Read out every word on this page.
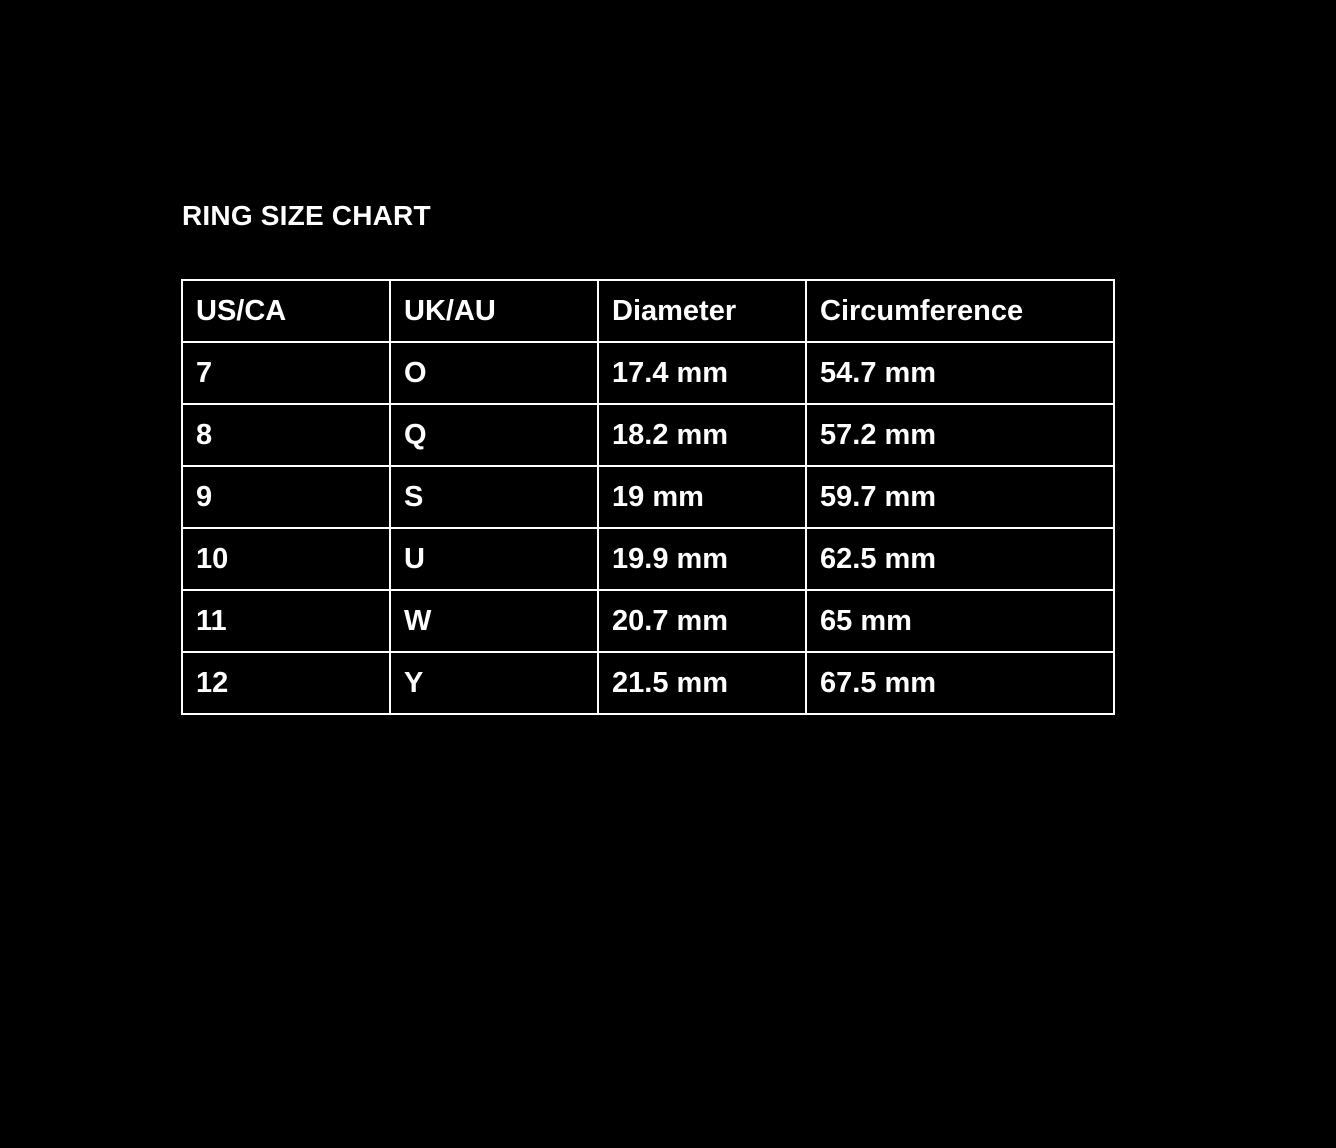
RING SIZE CHART
US/CA	UK/AU	Diameter	Circumference
7	O	17.4 mm	54.7 mm
8	Q	18.2 mm	57.2 mm
9	S	19 mm	59.7 mm
10	U	19.9 mm	62.5 mm
11	W	20.7 mm	65 mm
12	Y	21.5 mm	67.5 mm
